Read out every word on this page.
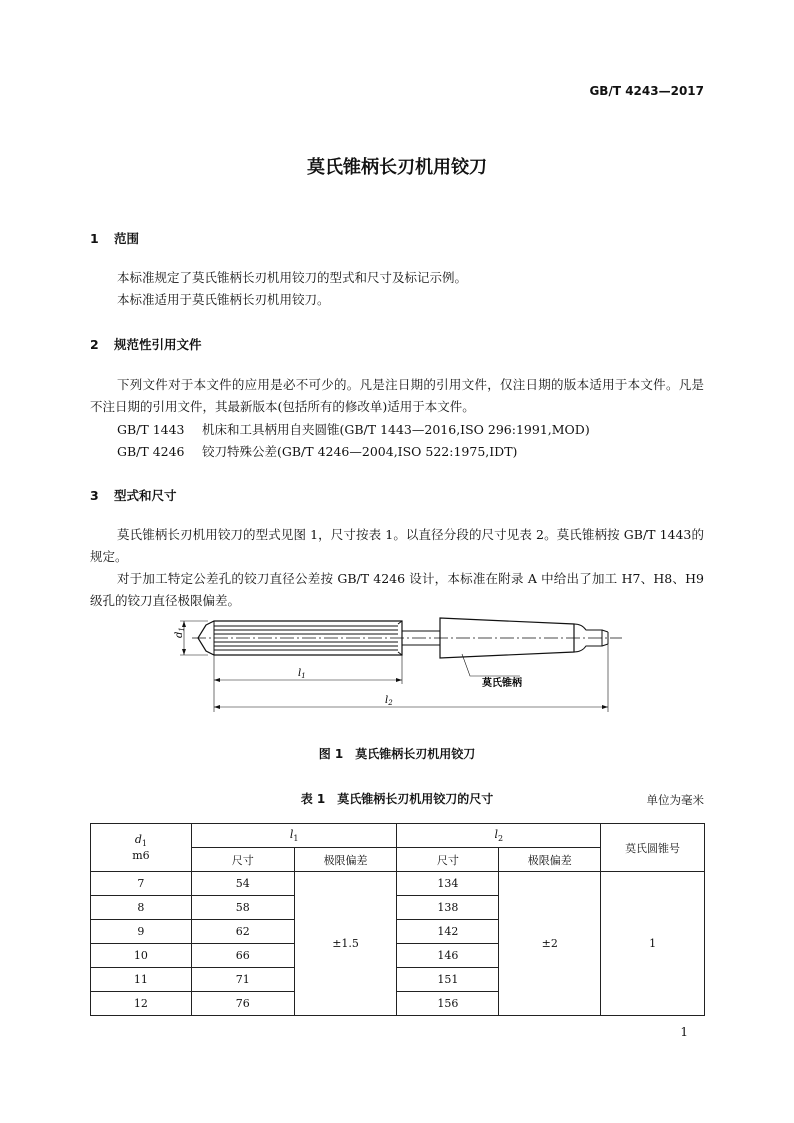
GB/T 4243—2017
莫氏锥柄长刃机用铰刀
1 范围

本标准规定了莫氏锥柄长刃机用铰刀的型式和尺寸及标记示例。

本标准适用于莫氏锥柄长刃机用铰刀。

2 规范性引用文件

下列文件对于本文件的应用是必不可少的。凡是注日期的引用文件，仅注日期的版本适用于本文件。凡是不注日期的引用文件，其最新版本(包括所有的修改单)适用于本文件。

GB/T 1443 机床和工具柄用自夹圆锥(GB/T 1443—2016,ISO 296:1991,MOD)
GB/T 4246 铰刀特殊公差(GB/T 4246—2004,ISO 522:1975,IDT)
3 型式和尺寸

莫氏锥柄长刃机用铰刀的型式见图 1，尺寸按表 1。以直径分段的尺寸见表 2。莫氏锥柄按 GB/T 1443的规定。

对于加工特定公差孔的铰刀直径公差按 GB/T 4246 设计，本标准在附录 A 中给出了加工 H7、H8、H9 级孔的铰刀直径极限偏差。

$d_1$
$l_1$
$l_2$
莫氏锥柄
图 1　莫氏锥柄长刃机用铰刀
表 1　莫氏锥柄长刃机用铰刀的尺寸	单位为毫米
$d_1$
m6	$l_1$		$l_2$		莫氏圆锥号
	尺寸	极限偏差	尺寸	极限偏差	
7	54	±1.5	134	±2	1
8	58		138		
9	62		142		
10	66		146		
11	71		151		
12	76		156		
1
